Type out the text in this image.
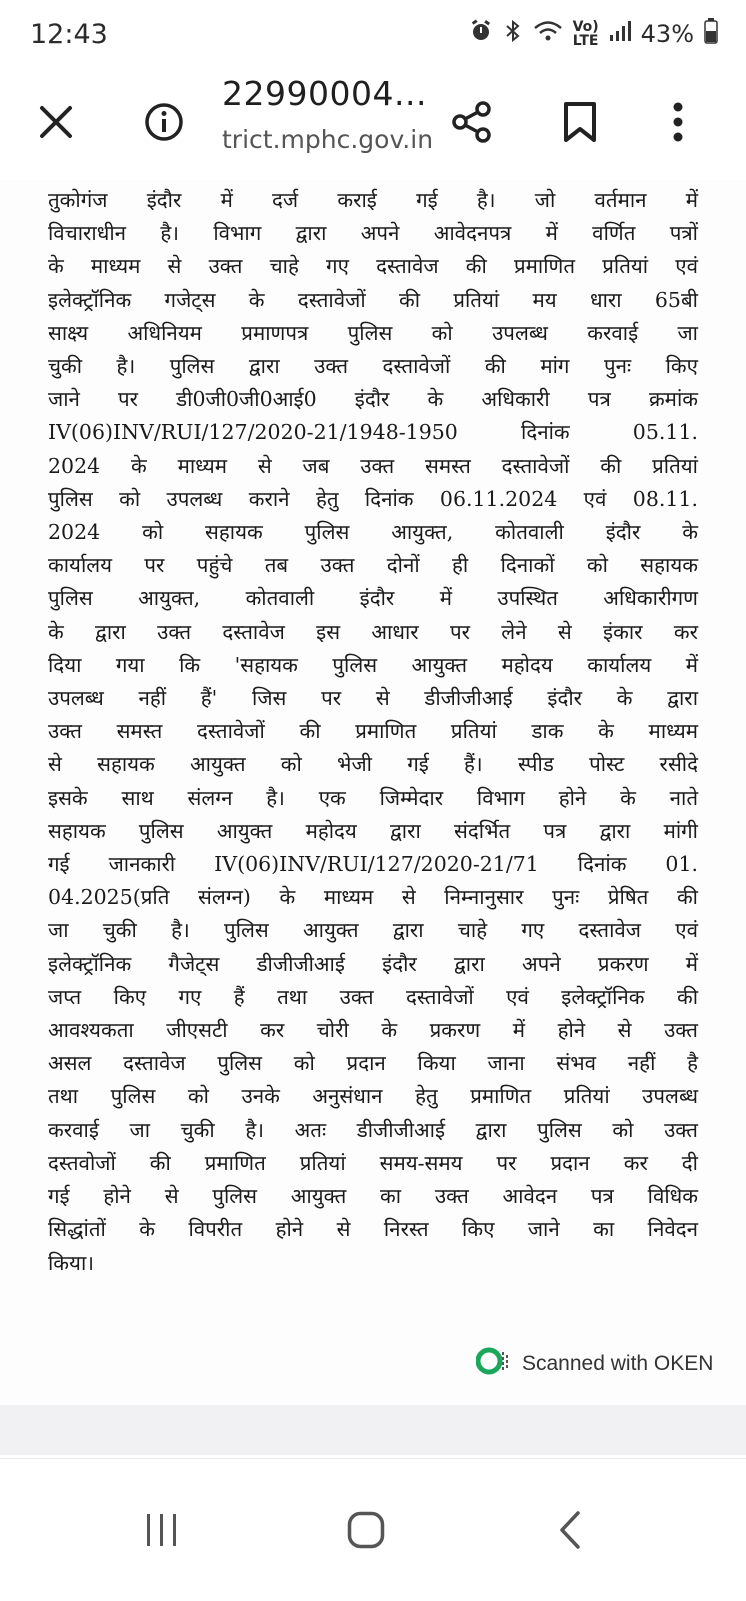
12:43	Vo)
LTE 43%
22990004...
trict.mphc.gov.in
तुकोगंज इंदौर में दर्ज कराई गई है। जो वर्तमान में
विचाराधीन है। विभाग द्वारा अपने आवेदनपत्र में वर्णित पत्रों
के माध्यम से उक्त चाहे गए दस्तावेज की प्रमाणित प्रतियां एवं
इलेक्ट्रॉनिक गजेट्स के दस्तावेजों की प्रतियां मय धारा 65बी
साक्ष्य अधिनियम प्रमाणपत्र पुलिस को उपलब्ध करवाई जा
चुकी है। पुलिस द्वारा उक्त दस्तावेजों की मांग पुनः किए
जाने पर डी0जी0जी0आई0 इंदौर के अधिकारी पत्र क्रमांक
IV(06)INV/RUI/127/2020-21/1948-1950 दिनांक 05.11.
2024 के माध्यम से जब उक्त समस्त दस्तावेजों की प्रतियां
पुलिस को उपलब्ध कराने हेतु दिनांक 06.11.2024 एवं 08.11.
2024 को सहायक पुलिस आयुक्त, कोतवाली इंदौर के
कार्यालय पर पहुंचे तब उक्त दोनों ही दिनाकों को सहायक
पुलिस आयुक्त, कोतवाली इंदौर में उपस्थित अधिकारीगण
के द्वारा उक्त दस्तावेज इस आधार पर लेने से इंकार कर
दिया गया कि 'सहायक पुलिस आयुक्त महोदय कार्यालय में
उपलब्ध नहीं हैं' जिस पर से डीजीजीआई इंदौर के द्वारा
उक्त समस्त दस्तावेजों की प्रमाणित प्रतियां डाक के माध्यम
से सहायक आयुक्त को भेजी गई हैं। स्पीड पोस्ट रसीदे
इसके साथ संलग्न है। एक जिम्मेदार विभाग होने के नाते
सहायक पुलिस आयुक्त महोदय द्वारा संदर्भित पत्र द्वारा मांगी
गई जानकारी IV(06)INV/RUI/127/2020-21/71 दिनांक 01.
04.2025(प्रति संलग्न) के माध्यम से निम्नानुसार पुनः प्रेषित की
जा चुकी है। पुलिस आयुक्त द्वारा चाहे गए दस्तावेज एवं
इलेक्ट्रॉनिक गैजेट्स डीजीजीआई इंदौर द्वारा अपने प्रकरण में
जप्त किए गए हैं तथा उक्त दस्तावेजों एवं इलेक्ट्रॉनिक की
आवश्यकता जीएसटी कर चोरी के प्रकरण में होने से उक्त
असल दस्तावेज पुलिस को प्रदान किया जाना संभव नहीं है
तथा पुलिस को उनके अनुसंधान हेतु प्रमाणित प्रतियां उपलब्ध
करवाई जा चुकी है। अतः डीजीजीआई द्वारा पुलिस को उक्त
दस्तवोजों की प्रमाणित प्रतियां समय-समय पर प्रदान कर दी
गई होने से पुलिस आयुक्त का उक्त आवेदन पत्र विधिक
सिद्धांतों के विपरीत होने से निरस्त किए जाने का निवेदन
किया।
Scanned with OKEN
